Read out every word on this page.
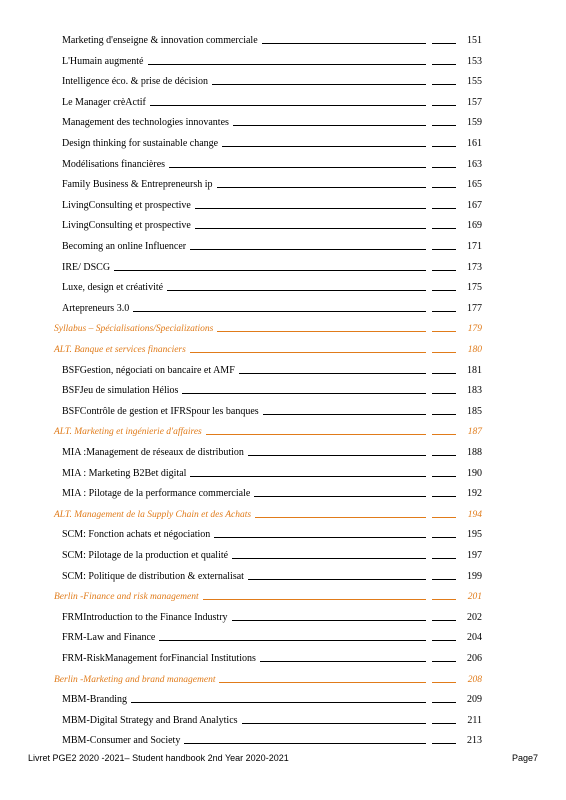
Marketing d'enseigne & innovation commerciale	151
L'Humain augmenté	153
Intelligence éco. & prise de décision	155
Le Manager crèActif	157
Management des technologies innovantes	159
Design thinking for sustainable change	161
Modélisations financières	163
Family Business & Entrepreneursh ip	165
LivingConsulting et prospective	167
LivingConsulting et prospective	169
Becoming an online Influencer	171
IRE/ DSCG	173
Luxe, design et créativité	175
Artepreneurs 3.0	177
Syllabus – Spécialisations/Specializations	179
ALT. Banque et services financiers	180
BSFGestion, négociati on bancaire et AMF	181
BSFJeu de simulation Hélios	183
BSFContrôle de gestion et IFRSpour les banques	185
ALT. Marketing et ingénierie d'affaires	187
MIA :Management de réseaux de distribution	188
MIA : Marketing B2Bet digital	190
MIA : Pilotage de la performance commerciale	192
ALT. Management de la Supply Chain et des Achats	194
SCM: Fonction achats et négociation	195
SCM: Pilotage de la production et qualité	197
SCM: Politique de distribution & externalisat	199
Berlin -Finance and risk management	201
FRMIntroduction to the Finance Industry	202
FRM-Law and Finance	204
FRM-RiskManagement forFinancial Institutions	206
Berlin -Marketing and brand management	208
MBM-Branding	209
MBM-Digital Strategy and Brand Analytics	211
MBM-Consumer and Society	213
Livret PGE2 2020 -2021– Student handbook 2nd Year 2020-2021	Page7
